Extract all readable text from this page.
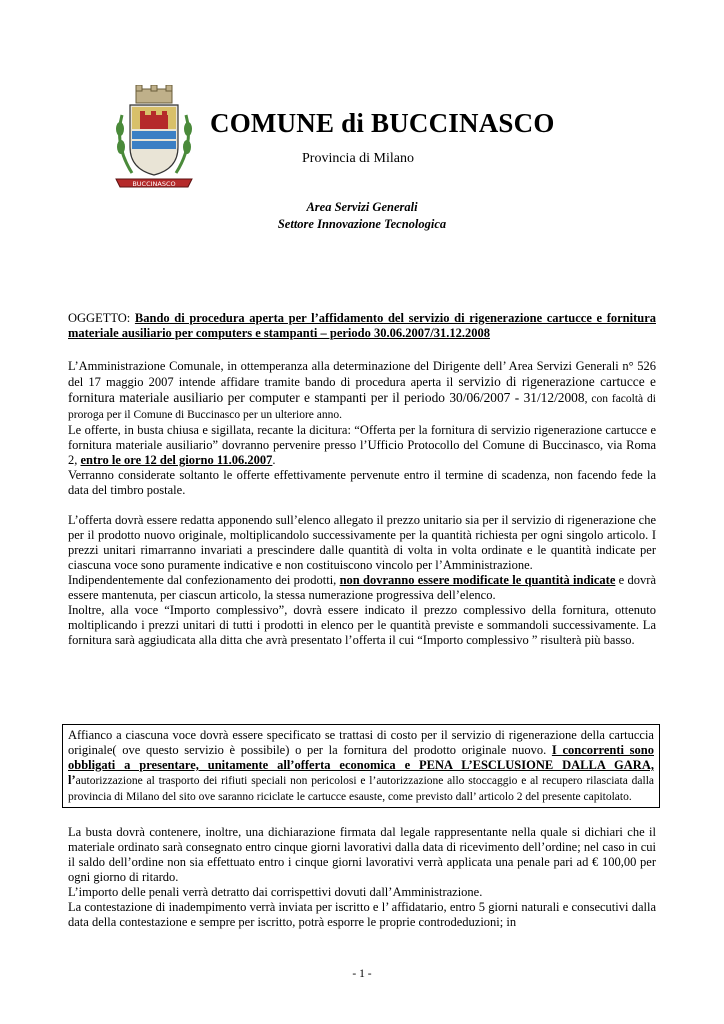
BUCCINASCO
COMUNE di BUCCINASCO
Provincia di Milano
Area Servizi Generali
Settore Innovazione Tecnologica

OGGETTO: Bando di procedura aperta per l’affidamento del servizio di rigenerazione cartucce e fornitura materiale ausiliario per computers e stampanti – periodo 30.06.2007/31.12.2008

L’Amministrazione Comunale, in ottemperanza alla determinazione del Dirigente dell’ Area Servizi Generali n° 526 del 17 maggio 2007 intende affidare tramite bando di procedura aperta il servizio di rigenerazione cartucce e fornitura materiale ausiliario per computer e stampanti per il periodo 30/06/2007 - 31/12/2008, con facoltà di proroga per il Comune di Buccinasco per un ulteriore anno.

Le offerte, in busta chiusa e sigillata, recante la dicitura: “Offerta per la fornitura di servizio rigenerazione cartucce e fornitura materiale ausiliario” dovranno pervenire presso l’Ufficio Protocollo del Comune di Buccinasco, via Roma 2, entro le ore 12 del giorno 11.06.2007.

Verranno considerate soltanto le offerte effettivamente pervenute entro il termine di scadenza, non facendo fede la data del timbro postale.

L’offerta dovrà essere redatta apponendo sull’elenco allegato il prezzo unitario sia per il servizio di rigenerazione che per il prodotto nuovo originale, moltiplicandolo successivamente per la quantità richiesta per ogni singolo articolo. I prezzi unitari rimarranno invariati a prescindere dalle quantità di volta in volta ordinate e le quantità indicate per ciascuna voce sono puramente indicative e non costituiscono vincolo per l’Amministrazione.

Indipendentemente dal confezionamento dei prodotti, non dovranno essere modificate le quantità indicate e dovrà essere mantenuta, per ciascun articolo, la stessa numerazione progressiva dell’elenco.

Inoltre, alla voce “Importo complessivo”, dovrà essere indicato il prezzo complessivo della fornitura, ottenuto moltiplicando i prezzi unitari di tutti i prodotti in elenco per le quantità previste e sommandoli successivamente. La fornitura sarà aggiudicata alla ditta che avrà presentato l’offerta il cui “Importo complessivo ” risulterà più basso.

Affianco a ciascuna voce dovrà essere specificato se trattasi di costo per il servizio di rigenerazione della cartuccia originale( ove questo servizio è possibile) o per la fornitura del prodotto originale nuovo. I concorrenti sono obbligati a presentare, unitamente all’offerta economica e PENA L’ESCLUSIONE DALLA GARA, l’autorizzazione al trasporto dei rifiuti speciali non pericolosi e l’autorizzazione allo stoccaggio e al recupero rilasciata dalla provincia di Milano del sito ove saranno riciclate le cartucce esauste, come previsto dall’ articolo 2 del presente capitolato.

La busta dovrà contenere, inoltre, una dichiarazione firmata dal legale rappresentante nella quale si dichiari che il materiale ordinato sarà consegnato entro cinque giorni lavorativi dalla data di ricevimento dell’ordine; nel caso in cui il saldo dell’ordine non sia effettuato entro i cinque giorni lavorativi verrà applicata una penale pari ad € 100,00 per ogni giorno di ritardo.

L’importo delle penali verrà detratto dai corrispettivi dovuti dall’Amministrazione.

La contestazione di inadempimento verrà inviata per iscritto e l’ affidatario, entro 5 giorni naturali e consecutivi dalla data della contestazione e sempre per iscritto, potrà esporre le proprie controdeduzioni; in

- 1 -
